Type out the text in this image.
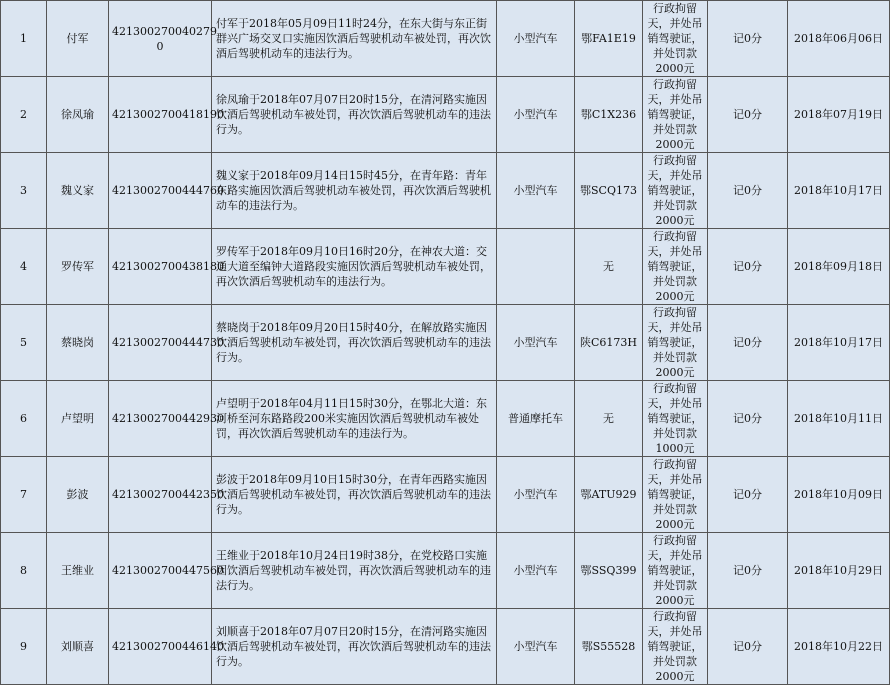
1	付军	421300270040279​0	付军于2018年05月09日11时24分，在东大街与东正街群兴广场交叉口实施因饮酒后驾驶机动车被处罚，再次饮酒后驾驶机动车的违法行为。	小型汽车	鄂FA1E19	行政拘留天，并处吊销驾驶证，并处罚款2000元	记0分	2018年06月06日
2	徐凤瑜	4213002700418190	徐凤瑜于2018年07月07日20时15分，在清河路实施因饮酒后驾驶机动车被处罚，再次饮酒后驾驶机动车的违法行为。	小型汽车	鄂C1X236	行政拘留天，并处吊销驾驶证，并处罚款2000元	记0分	2018年07月19日
3	魏义家	4213002700444760	魏义家于2018年09月14日15时45分，在青年路：青年东路实施因饮酒后驾驶机动车被处罚，再次饮酒后驾驶机动车的违法行为。	小型汽车	鄂SCQ173	行政拘留天，并处吊销驾驶证，并处罚款2000元	记0分	2018年10月17日
4	罗传军	4213002700438180	罗传军于2018年09月10日16时20分，在神农大道：交通大道至编钟大道路段实施因饮酒后驾驶机动车被处罚，再次饮酒后驾驶机动车的违法行为。		无	行政拘留天，并处吊销驾驶证，并处罚款2000元	记0分	2018年09月18日
5	蔡晓岗	4213002700444730	蔡晓岗于2018年09月20日15时40分，在解放路实施因饮酒后驾驶机动车被处罚，再次饮酒后驾驶机动车的违法行为。	小型汽车	陕C6173H	行政拘留天，并处吊销驾驶证，并处罚款2000元	记0分	2018年10月17日
6	卢望明	4213002700442930	卢望明于2018年04月11日15时30分，在鄂北大道：东河桥至河东路路段200米实施因饮酒后驾驶机动车被处罚，再次饮酒后驾驶机动车的违法行为。	普通摩托车	无	行政拘留天，并处吊销驾驶证，并处罚款1000元	记0分	2018年10月11日
7	彭波	4213002700442350	彭波于2018年09月10日15时30分，在青年西路实施因饮酒后驾驶机动车被处罚，再次饮酒后驾驶机动车的违法行为。	小型汽车	鄂ATU929	行政拘留天，并处吊销驾驶证，并处罚款2000元	记0分	2018年10月09日
8	王维业	4213002700447560	王维业于2018年10月24日19时38分，在党校路口实施因饮酒后驾驶机动车被处罚，再次饮酒后驾驶机动车的违法行为。	小型汽车	鄂SSQ399	行政拘留天，并处吊销驾驶证，并处罚款2000元	记0分	2018年10月29日
9	刘顺喜	4213002700446140	刘顺喜于2018年07月07日20时15分，在清河路实施因饮酒后驾驶机动车被处罚，再次饮酒后驾驶机动车的违法行为。	小型汽车	鄂S55528	行政拘留天，并处吊销驾驶证，并处罚款2000元	记0分	2018年10月22日
